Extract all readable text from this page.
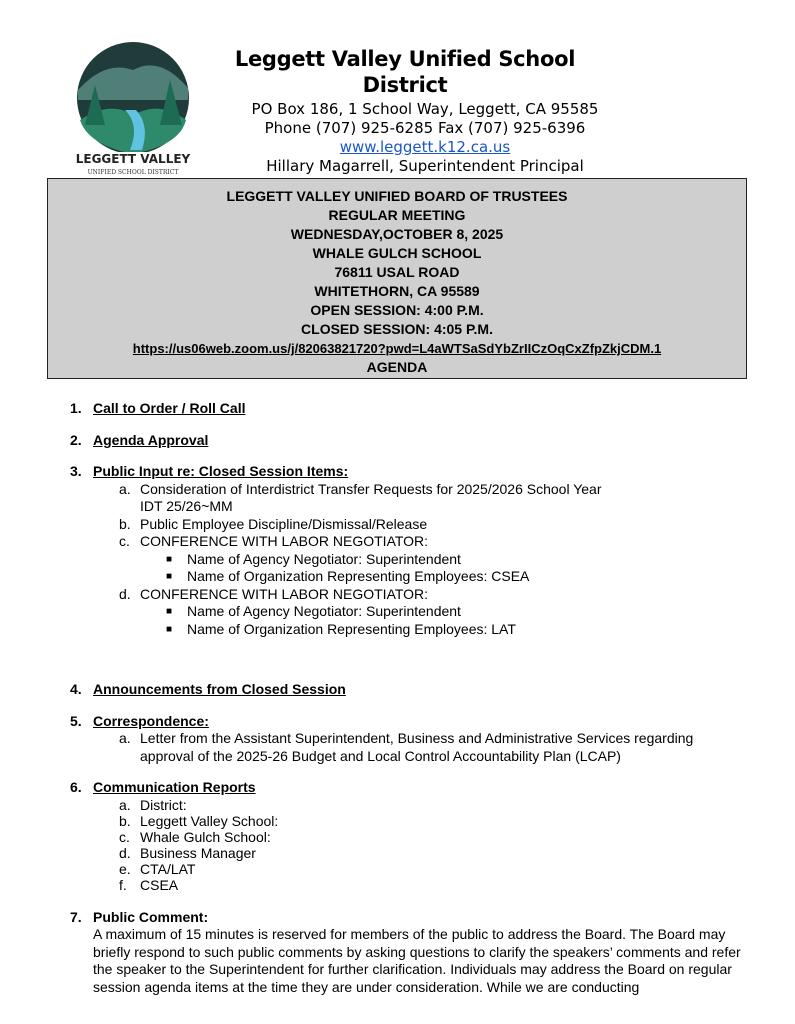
LEGGETT VALLEY
UNIFIED SCHOOL DISTRICT
Leggett Valley Unified School District
PO Box 186, 1 School Way, Leggett, CA 95585
Phone (707) 925-6285 Fax (707) 925-6396
www.leggett.k12.ca.us
Hillary Magarrell, Superintendent Principal
LEGGETT VALLEY UNIFIED BOARD OF TRUSTEES
REGULAR MEETING
WEDNESDAY,OCTOBER 8, 2025
WHALE GULCH SCHOOL
76811 USAL ROAD
WHITETHORN, CA 95589
OPEN SESSION: 4:00 P.M.
CLOSED SESSION: 4:05 P.M.
https://us06web.zoom.us/j/82063821720?pwd=L4aWTSaSdYbZrIICzOqCxZfpZkjCDM.1
AGENDA
1. Call to Order / Roll Call
2. Agenda Approval
3. Public Input re: Closed Session Items:
a. Consideration of Interdistrict Transfer Requests for 2025/2026 School Year
IDT 25/26~MM
b. Public Employee Discipline/Dismissal/Release
c. CONFERENCE WITH LABOR NEGOTIATOR:
■ Name of Agency Negotiator: Superintendent
■ Name of Organization Representing Employees: CSEA
d. CONFERENCE WITH LABOR NEGOTIATOR:
■ Name of Agency Negotiator: Superintendent
■ Name of Organization Representing Employees: LAT
4. Announcements from Closed Session
5. Correspondence:
a. Letter from the Assistant Superintendent, Business and Administrative Services regarding approval of the 2025-26 Budget and Local Control Accountability Plan (LCAP)
6. Communication Reports
a. District:
b. Leggett Valley School:
c. Whale Gulch School:
d. Business Manager
e. CTA/LAT
f. CSEA
7. Public Comment:
A maximum of 15 minutes is reserved for members of the public to address the Board. The Board may briefly respond to such public comments by asking questions to clarify the speakers’ comments and refer the speaker to the Superintendent for further clarification. Individuals may address the Board on regular session agenda items at the time they are under consideration. While we are conducting
